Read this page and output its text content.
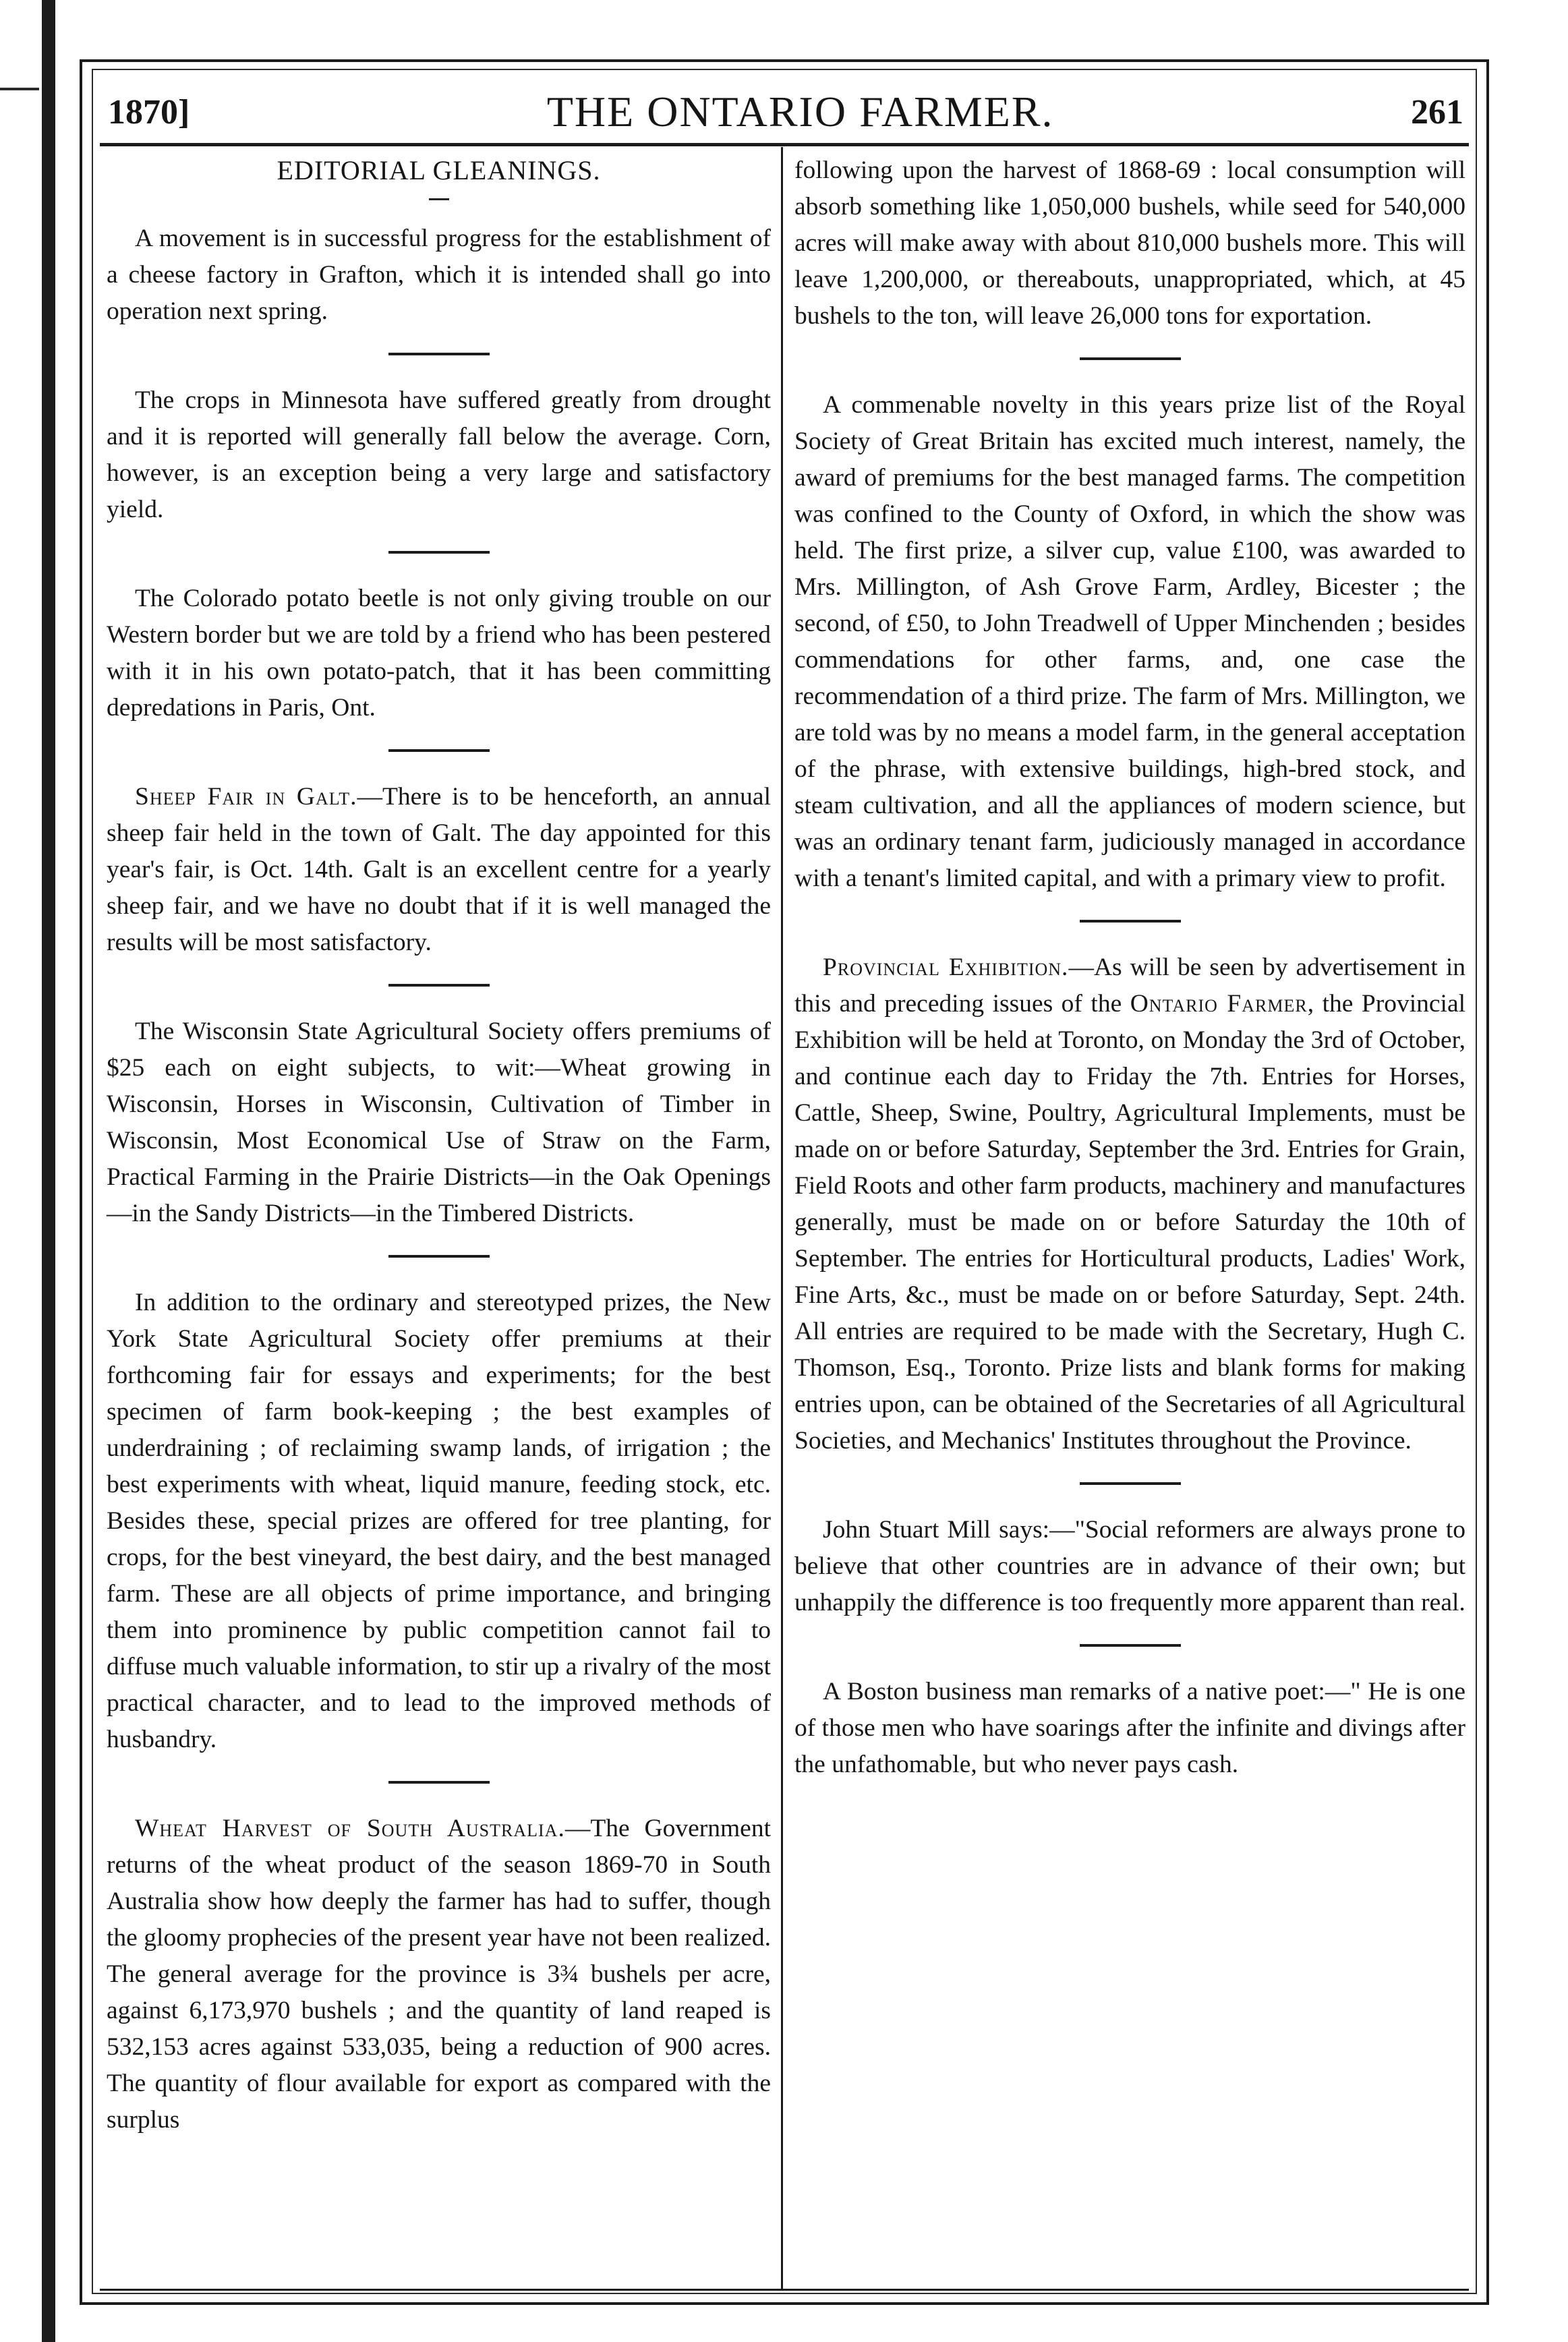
1870]	THE ONTARIO FARMER.	261
EDITORIAL GLEANINGS.

A movement is in successful progress for the establishment of a cheese factory in Grafton, which it is intended shall go into operation next spring.

The crops in Minnesota have suffered greatly from drought and it is reported will generally fall below the average. Corn, however, is an exception being a very large and satisfactory yield.

The Colorado potato beetle is not only giving trouble on our Western border but we are told by a friend who has been pestered with it in his own potato-patch, that it has been committing depredations in Paris, Ont.

Sheep Fair in Galt.—There is to be henceforth, an annual sheep fair held in the town of Galt. The day appointed for this year's fair, is Oct. 14th. Galt is an excellent centre for a yearly sheep fair, and we have no doubt that if it is well managed the results will be most satisfactory.

The Wisconsin State Agricultural Society offers premiums of $25 each on eight subjects, to wit:—Wheat growing in Wisconsin, Horses in Wisconsin, Cultivation of Timber in Wisconsin, Most Economical Use of Straw on the Farm, Practical Farming in the Prairie Districts—in the Oak Openings—in the Sandy Districts—in the Timbered Districts.

In addition to the ordinary and stereotyped prizes, the New York State Agricultural Society offer premiums at their forthcoming fair for essays and experiments; for the best specimen of farm book-keeping ; the best examples of underdraining ; of reclaiming swamp lands, of irrigation ; the best experiments with wheat, liquid manure, feeding stock, etc. Besides these, special prizes are offered for tree planting, for crops, for the best vineyard, the best dairy, and the best managed farm. These are all objects of prime importance, and bringing them into prominence by public competition cannot fail to diffuse much valuable information, to stir up a rivalry of the most practical character, and to lead to the improved methods of husbandry.

Wheat Harvest of South Australia.—The Government returns of the wheat product of the season 1869-70 in South Australia show how deeply the farmer has had to suffer, though the gloomy prophecies of the present year have not been realized. The general average for the province is 3¾ bushels per acre, against 6,173,970 bushels ; and the quantity of land reaped is 532,153 acres against 533,035, being a reduction of 900 acres. The quantity of flour available for export as compared with the surplus

following upon the harvest of 1868-69 : local consumption will absorb something like 1,050,000 bushels, while seed for 540,000 acres will make away with about 810,000 bushels more. This will leave 1,200,000, or thereabouts, unappropriated, which, at 45 bushels to the ton, will leave 26,000 tons for exportation.

A commenable novelty in this years prize list of the Royal Society of Great Britain has excited much interest, namely, the award of premiums for the best managed farms. The competition was confined to the County of Oxford, in which the show was held. The first prize, a silver cup, value £100, was awarded to Mrs. Millington, of Ash Grove Farm, Ardley, Bicester ; the second, of £50, to John Treadwell of Upper Minchenden ; besides commendations for other farms, and, one case the recommendation of a third prize. The farm of Mrs. Millington, we are told was by no means a model farm, in the general acceptation of the phrase, with extensive buildings, high-bred stock, and steam cultivation, and all the appliances of modern science, but was an ordinary tenant farm, judiciously managed in accordance with a tenant's limited capital, and with a primary view to profit.

Provincial Exhibition.—As will be seen by advertisement in this and preceding issues of the Ontario Farmer, the Provincial Exhibition will be held at Toronto, on Monday the 3rd of October, and continue each day to Friday the 7th. Entries for Horses, Cattle, Sheep, Swine, Poultry, Agricultural Implements, must be made on or before Saturday, September the 3rd. Entries for Grain, Field Roots and other farm products, machinery and manufactures generally, must be made on or before Saturday the 10th of September. The entries for Horticultural products, Ladies' Work, Fine Arts, &c., must be made on or before Saturday, Sept. 24th. All entries are required to be made with the Secretary, Hugh C. Thomson, Esq., Toronto. Prize lists and blank forms for making entries upon, can be obtained of the Secretaries of all Agricultural Societies, and Mechanics' Institutes throughout the Province.

John Stuart Mill says:—"Social reformers are always prone to believe that other countries are in advance of their own; but unhappily the difference is too frequently more apparent than real.

A Boston business man remarks of a native poet:—" He is one of those men who have soarings after the infinite and divings after the unfathomable, but who never pays cash.
